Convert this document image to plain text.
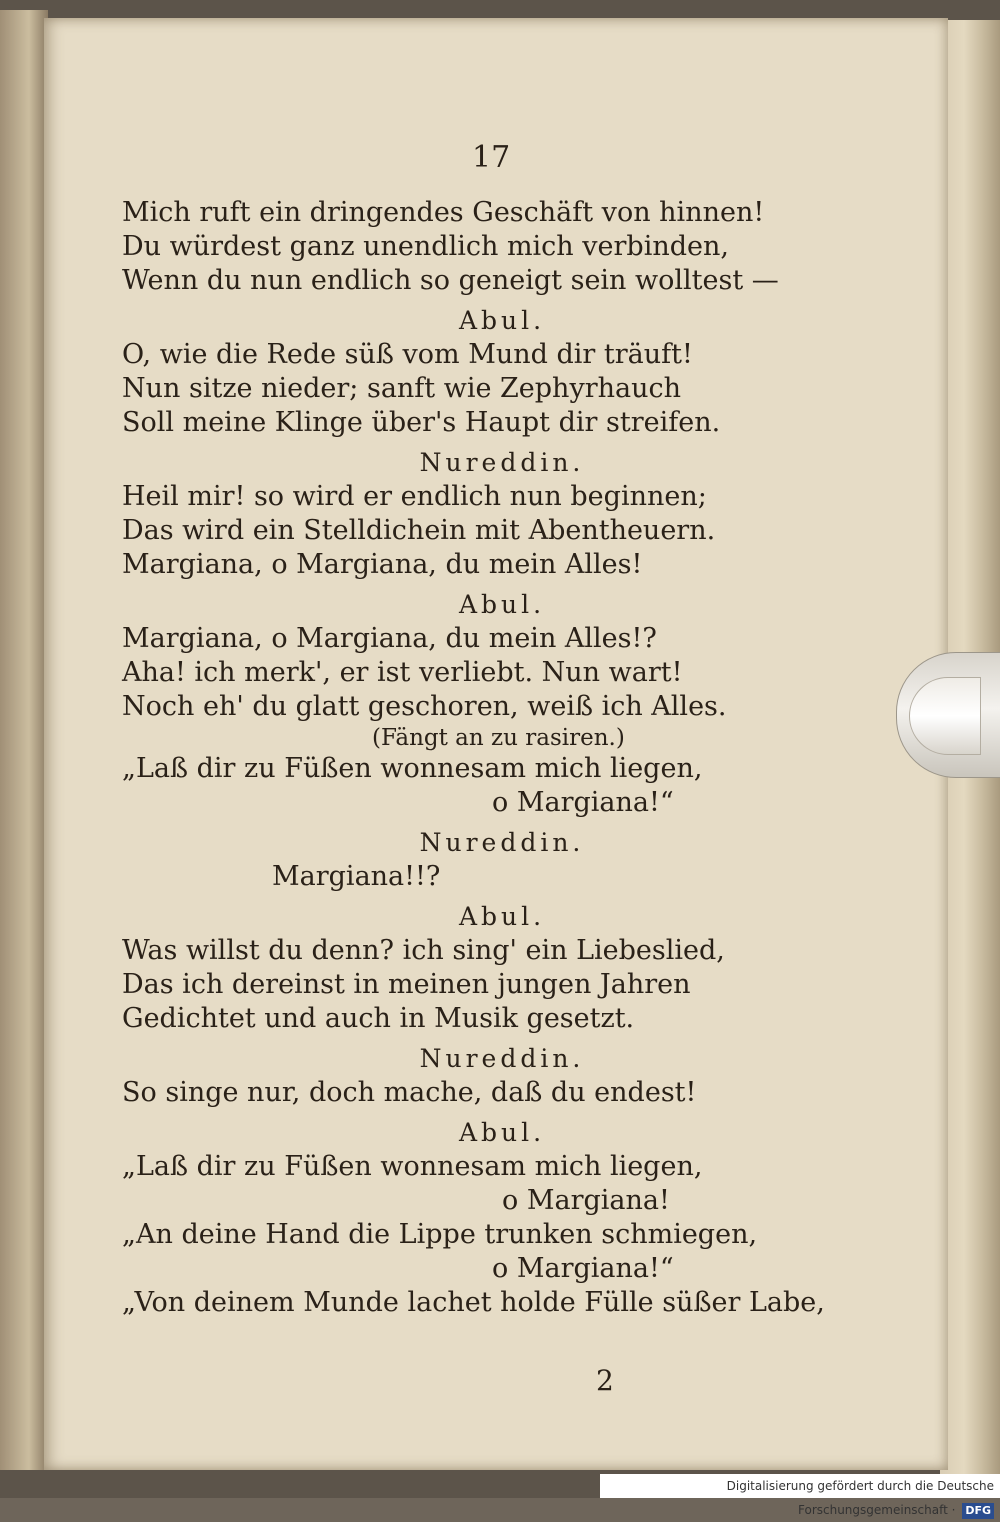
17
Mich ruft ein dringendes Geschäft von hinnen!
Du würdest ganz unendlich mich verbinden,
Wenn du nun endlich so geneigt sein wolltest —
Abul.
O, wie die Rede süß vom Mund dir träuft!
Nun sitze nieder; sanft wie Zephyrhauch
Soll meine Klinge über's Haupt dir streifen.
Nureddin.
Heil mir! so wird er endlich nun beginnen;
Das wird ein Stelldichein mit Abentheuern.
Margiana, o Margiana, du mein Alles!
Abul.
Margiana, o Margiana, du mein Alles!?
Aha! ich merk', er ist verliebt. Nun wart!
Noch eh' du glatt geschoren, weiß ich Alles.
(Fängt an zu rasiren.)
„Laß dir zu Füßen wonnesam mich liegen,
o Margiana!“
Nureddin.
Margiana!!?
Abul.
Was willst du denn? ich sing' ein Liebeslied,
Das ich dereinst in meinen jungen Jahren
Gedichtet und auch in Musik gesetzt.
Nureddin.
So singe nur, doch mache, daß du endest!
Abul.
„Laß dir zu Füßen wonnesam mich liegen,
o Margiana!
„An deine Hand die Lippe trunken schmiegen,
o Margiana!“
„Von deinem Munde lachet holde Fülle süßer Labe,
2
Digitalisierung gefördert durch die Deutsche Forschungsgemeinschaft · DFG
